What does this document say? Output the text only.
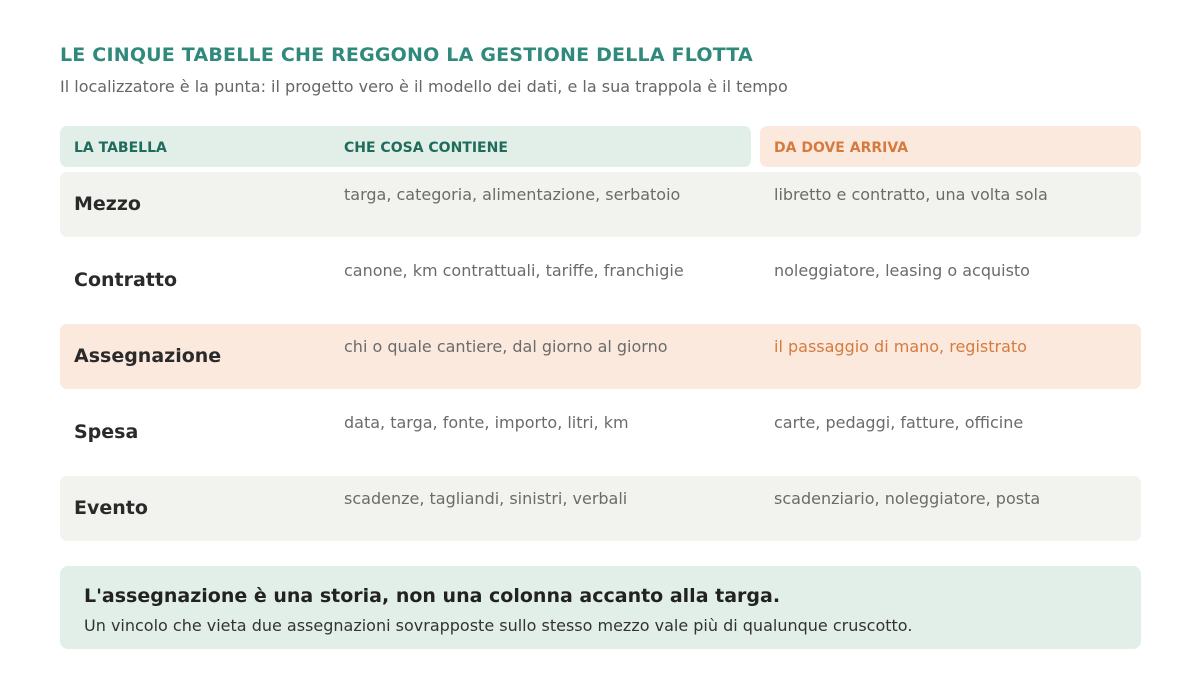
LE CINQUE TABELLE CHE REGGONO LA GESTIONE DELLA FLOTTA
Il localizzatore è la punta: il progetto vero è il modello dei dati, e la sua trappola è il tempo
LA TABELLA	CHE COSA CONTIENE	DA DOVE ARRIVA
Mezzo	targa, categoria, alimentazione, serbatoio	libretto e contratto, una volta sola
Contratto	canone, km contrattuali, tariffe, franchigie	noleggiatore, leasing o acquisto
Assegnazione	chi o quale cantiere, dal giorno al giorno	il passaggio di mano, registrato
Spesa	data, targa, fonte, importo, litri, km	carte, pedaggi, fatture, officine
Evento	scadenze, tagliandi, sinistri, verbali	scadenziario, noleggiatore, posta
L'assegnazione è una storia, non una colonna accanto alla targa.
Un vincolo che vieta due assegnazioni sovrapposte sullo stesso mezzo vale più di qualunque cruscotto.
